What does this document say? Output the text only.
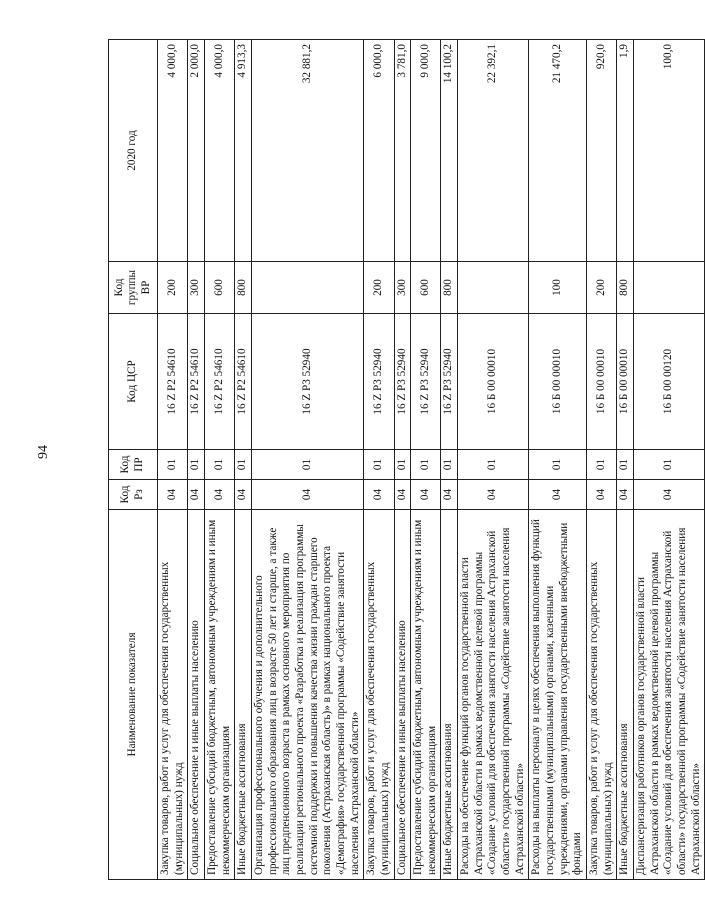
94
Наименование показателя	Код Рз	Код ПР	Код ЦСР	Код группы ВР	2020 год
Закупка товаров, работ и услуг для обеспечения государственных (муниципальных) нужд	04	01	16 Z P2 54610	200	4 000,0
Социальное обеспечение и иные выплаты населению	04	01	16 Z P2 54610	300	2 000,0
Предоставление субсидий бюджетным, автономным учреждениям и иным некоммерческим организациям	04	01	16 Z P2 54610	600	4 000,0
Иные бюджетные ассигнования	04	01	16 Z P2 54610	800	4 913,3
Организация профессионального обучения и дополнительного профессионального образования лиц в возрасте 50 лет и старше, а также лиц предпенсионного возраста в рамках основного мероприятия по реализации регионального проекта «Разработка и реализация программы системной поддержки и повышения качества жизни граждан старшего поколения (Астраханская область)» в рамках национального проекта «Демография» государственной программы «Содействие занятости населения Астраханской области»	04	01	16 Z P3 52940		32 881,2
Закупка товаров, работ и услуг для обеспечения государственных (муниципальных) нужд	04	01	16 Z P3 52940	200	6 000,0
Социальное обеспечение и иные выплаты населению	04	01	16 Z P3 52940	300	3 781,0
Предоставление субсидий бюджетным, автономным учреждениям и иным некоммерческим организациям	04	01	16 Z P3 52940	600	9 000,0
Иные бюджетные ассигнования	04	01	16 Z P3 52940	800	14 100,2
Расходы на обеспечение функций органов государственной власти Астраханской области в рамках ведомственной целевой программы «Создание условий для обеспечения занятости населения Астраханской области» государственной программы «Содействие занятости населения Астраханской области»	04	01	16 Б 00 00010		22 392,1
Расходы на выплаты персоналу в целях обеспечения выполнения функций государственными (муниципальными) органами, казенными учреждениями, органами управления государственными внебюджетными фондами	04	01	16 Б 00 00010	100	21 470,2
Закупка товаров, работ и услуг для обеспечения государственных (муниципальных) нужд	04	01	16 Б 00 00010	200	920,0
Иные бюджетные ассигнования	04	01	16 Б 00 00010	800	1,9
Диспансеризация работников органов государственной власти Астраханской области в рамках ведомственной целевой программы «Создание условий для обеспечения занятости населения Астраханской области» государственной программы «Содействие занятости населения Астраханской области»	04	01	16 Б 00 00120		100,0
